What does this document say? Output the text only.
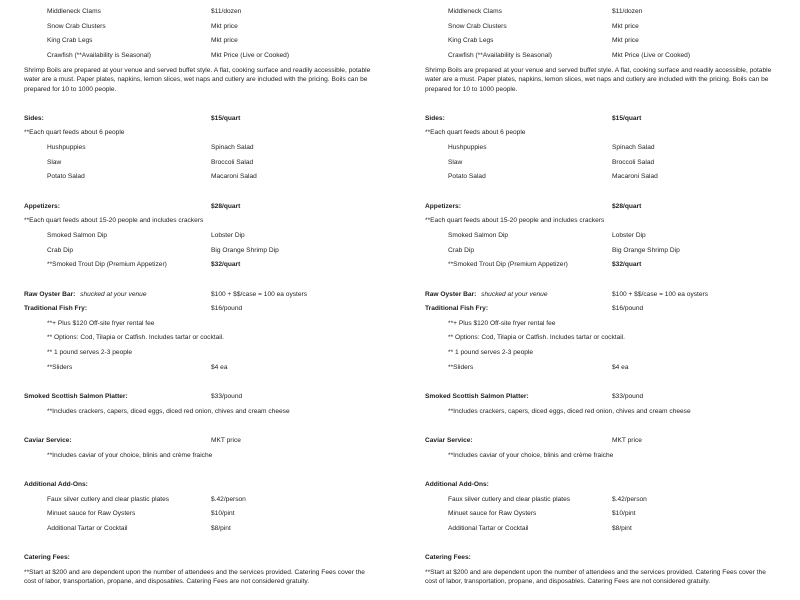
Middleneck Clams	$11/dozen
Snow Crab Clusters	Mkt price
King Crab Legs	Mkt price
Crawfish (**Availability is Seasonal)	Mkt Price (Live or Cooked)
Shrimp Boils are prepared at your venue and served buffet style. A flat, cooking surface and readily accessible, potable water are a must. Paper plates, napkins, lemon slices, wet naps and cutlery are included with the pricing. Boils can be prepared for 10 to 1000 people.
Sides:	$15/quart
**Each quart feeds about 6 people
Hushpuppies	Spinach Salad
Slaw	Broccoli Salad
Potato Salad	Macaroni Salad
Appetizers:	$28/quart
**Each quart feeds about 15-20 people and includes crackers
Smoked Salmon Dip	Lobster Dip
Crab Dip	Big Orange Shrimp Dip
**Smoked Trout Dip (Premium Appetizer)	$32/quart
Raw Oyster Bar: shucked at your venue	$100 + $$/case = 100 ea oysters
Traditional Fish Fry:	$16/pound
**+ Plus $120 Off-site fryer rental fee
** Options: Cod, Tilapia or Catfish. Includes tartar or cocktail.
** 1 pound serves 2-3 people
**Sliders	$4 ea
Smoked Scottish Salmon Platter:	$33/pound
**Includes crackers, capers, diced eggs, diced red onion, chives and cream cheese
Caviar Service:	MKT price
**Includes caviar of your choice, blinis and crème fraiche
Additional Add-Ons:
Faux silver cutlery and clear plastic plates	$.42/person
Minuet sauce for Raw Oysters	$10/pint
Additional Tartar or Cocktail	$8/pint
Catering Fees:
**Start at $200 and are dependent upon the number of attendees and the services provided. Catering Fees cover the cost of labor, transportation, propane, and disposables. Catering Fees are not considered gratuity.
Middleneck Clams	$11/dozen
Snow Crab Clusters	Mkt price
King Crab Legs	Mkt price
Crawfish (**Availability is Seasonal)	Mkt Price (Live or Cooked)
Shrimp Boils are prepared at your venue and served buffet style. A flat, cooking surface and readily accessible, potable water are a must. Paper plates, napkins, lemon slices, wet naps and cutlery are included with the pricing. Boils can be prepared for 10 to 1000 people.
Sides:	$15/quart
**Each quart feeds about 6 people
Hushpuppies	Spinach Salad
Slaw	Broccoli Salad
Potato Salad	Macaroni Salad
Appetizers:	$28/quart
**Each quart feeds about 15-20 people and includes crackers
Smoked Salmon Dip	Lobster Dip
Crab Dip	Big Orange Shrimp Dip
**Smoked Trout Dip (Premium Appetizer)	$32/quart
Raw Oyster Bar: shucked at your venue	$100 + $$/case = 100 ea oysters
Traditional Fish Fry:	$16/pound
**+ Plus $120 Off-site fryer rental fee
** Options: Cod, Tilapia or Catfish. Includes tartar or cocktail.
** 1 pound serves 2-3 people
**Sliders	$4 ea
Smoked Scottish Salmon Platter:	$33/pound
**Includes crackers, capers, diced eggs, diced red onion, chives and cream cheese
Caviar Service:	MKT price
**Includes caviar of your choice, blinis and crème fraiche
Additional Add-Ons:
Faux silver cutlery and clear plastic plates	$.42/person
Minuet sauce for Raw Oysters	$10/pint
Additional Tartar or Cocktail	$8/pint
Catering Fees:
**Start at $200 and are dependent upon the number of attendees and the services provided. Catering Fees cover the cost of labor, transportation, propane, and disposables. Catering Fees are not considered gratuity.
